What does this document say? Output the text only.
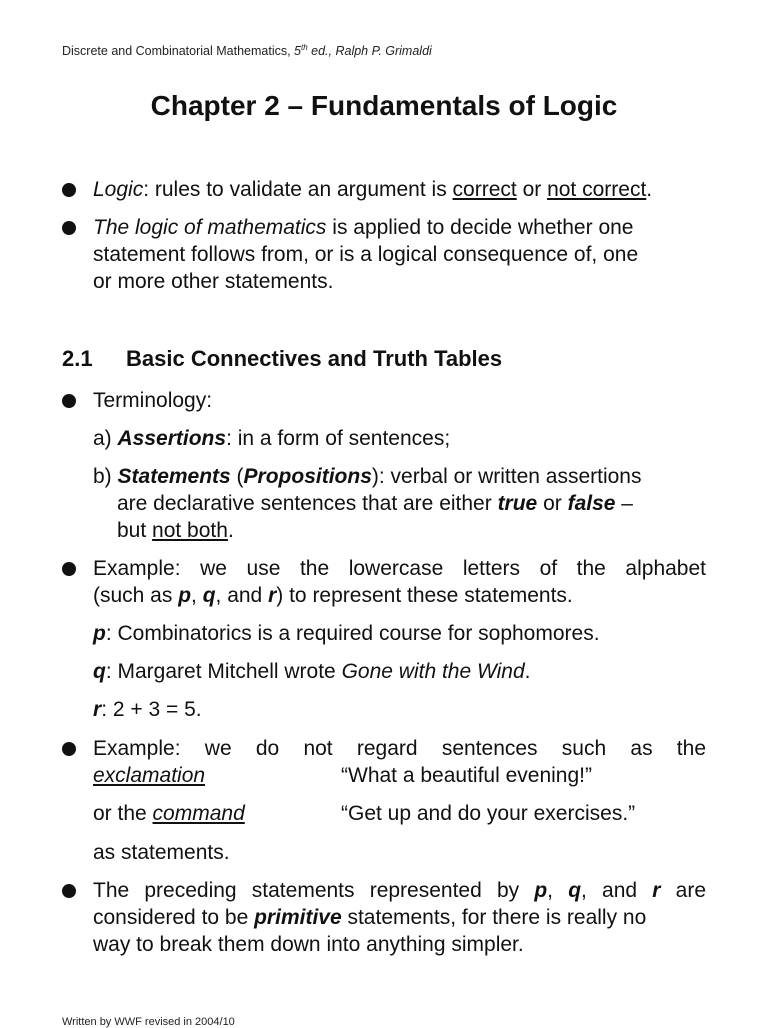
Discrete and Combinatorial Mathematics, 5th ed., Ralph P. Grimaldi
Chapter 2 – Fundamentals of Logic
Logic: rules to validate an argument is correct or not correct.
The logic of mathematics is applied to decide whether one
statement follows from, or is a logical consequence of, one
or more other statements.
2.1 Basic Connectives and Truth Tables
Terminology:
a) Assertions: in a form of sentences;
b) Statements (Propositions): verbal or written assertions
are declarative sentences that are either true or false –
but not both.
Example: we use the lowercase letters of the alphabet
(such as p, q, and r) to represent these statements.
p: Combinatorics is a required course for sophomores.
q: Margaret Mitchell wrote Gone with the Wind.
r: 2 + 3 = 5.
Example: we do not regard sentences such as the
exclamation	“What a beautiful evening!”
or the command	“Get up and do your exercises.”
as statements.
The preceding statements represented by p, q, and r are
considered to be primitive statements, for there is really no
way to break them down into anything simpler.
Written by WWF revised in 2004/10
